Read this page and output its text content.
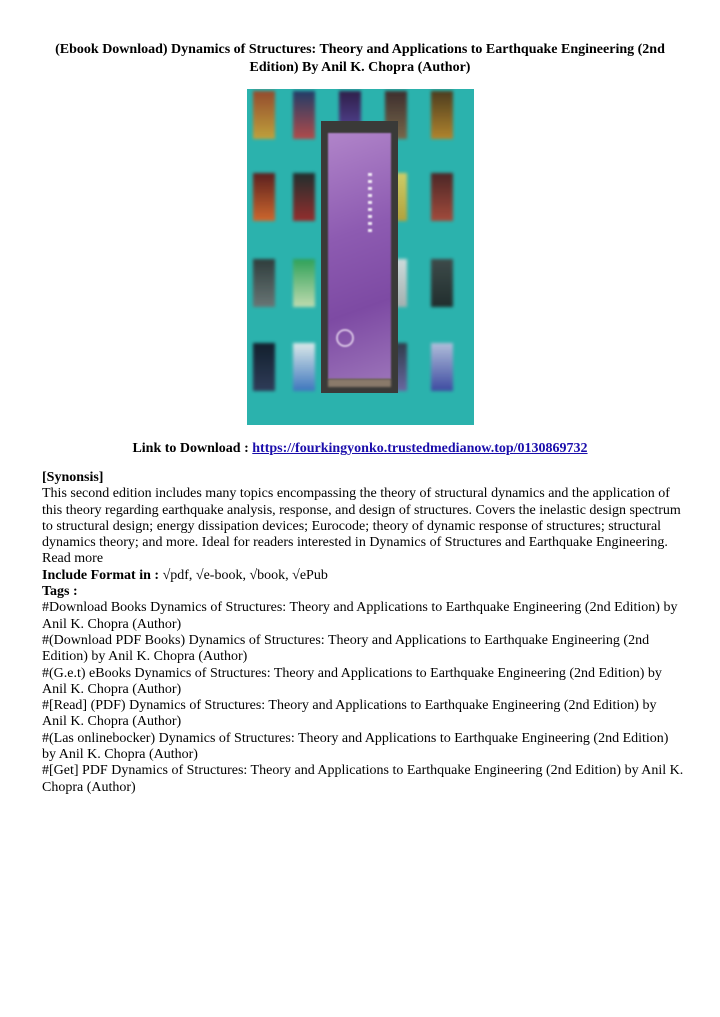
(Ebook Download) Dynamics of Structures: Theory and Applications to Earthquake Engineering (2nd Edition) By Anil K. Chopra (Author)
Link to Download : https://fourkingyonko.trustedmedianow.top/0130869732

[Synonsis]

This second edition includes many topics encompassing the theory of structural dynamics and the application of this theory regarding earthquake analysis, response, and design of structures. Covers the inelastic design spectrum to structural design; energy dissipation devices; Eurocode; theory of dynamic response of structures; structural dynamics theory; and more. Ideal for readers interested in Dynamics of Structures and Earthquake Engineering. Read more

Include Format in : √pdf, √e-book, √book, √ePub

Tags :

#Download Books Dynamics of Structures: Theory and Applications to Earthquake Engineering (2nd Edition) by Anil K. Chopra (Author)

#(Download PDF Books) Dynamics of Structures: Theory and Applications to Earthquake Engineering (2nd Edition) by Anil K. Chopra (Author)

#(G.e.t) eBooks Dynamics of Structures: Theory and Applications to Earthquake Engineering (2nd Edition) by Anil K. Chopra (Author)

#[Read] (PDF) Dynamics of Structures: Theory and Applications to Earthquake Engineering (2nd Edition) by Anil K. Chopra (Author)

#(Las onlinebocker) Dynamics of Structures: Theory and Applications to Earthquake Engineering (2nd Edition) by Anil K. Chopra (Author)

#[Get] PDF Dynamics of Structures: Theory and Applications to Earthquake Engineering (2nd Edition) by Anil K. Chopra (Author)
